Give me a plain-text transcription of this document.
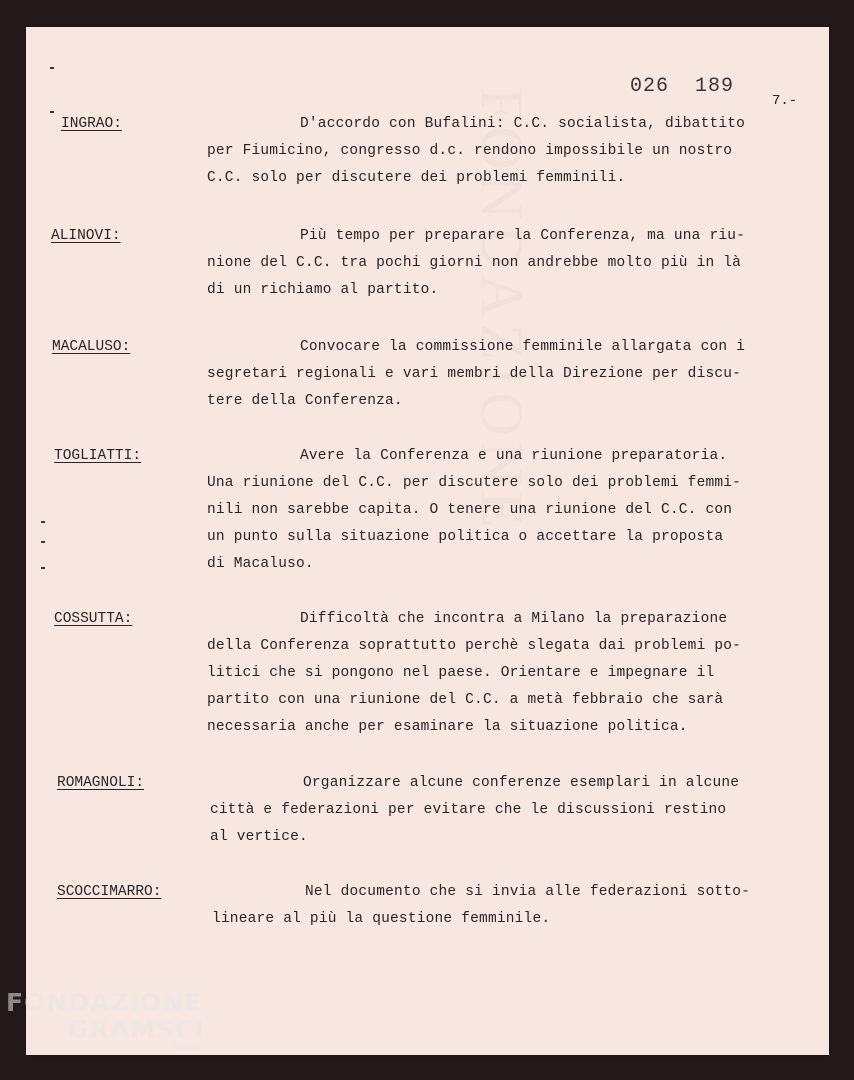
FONDAZIONE
026  189
7.-
INGRAO:	D'accordo con Bufalini: C.C. socialista, dibattito
per Fiumicino, congresso d.c. rendono impossibile un nostro
C.C. solo per discutere dei problemi femminili.
ALINOVI:	Più tempo per preparare la Conferenza, ma una riu-
nione del C.C. tra pochi giorni non andrebbe molto più in là
di un richiamo al partito.
MACALUSO:	Convocare la commissione femminile allargata con i
segretari regionali e vari membri della Direzione per discu-
tere della Conferenza.
TOGLIATTI:	Avere la Conferenza e una riunione preparatoria.
Una riunione del C.C. per discutere solo dei problemi femmi-
nili non sarebbe capita. O tenere una riunione del C.C. con
un punto sulla situazione politica o accettare la proposta
di Macaluso.
COSSUTTA:	Difficoltà che incontra a Milano la preparazione
della Conferenza soprattutto perchè slegata dai problemi po-
litici che si pongono nel paese. Orientare e impegnare il
partito con una riunione del C.C. a metà febbraio che sarà
necessaria anche per esaminare la situazione politica.
ROMAGNOLI:	Organizzare alcune conferenze esemplari in alcune
città e federazioni per evitare che le discussioni restino
al vertice.
SCOCCIMARRO:	Nel documento che si invia alle federazioni sotto-
lineare al più la questione femminile.
FONDAZIONE
GRAMSCI
onlus
